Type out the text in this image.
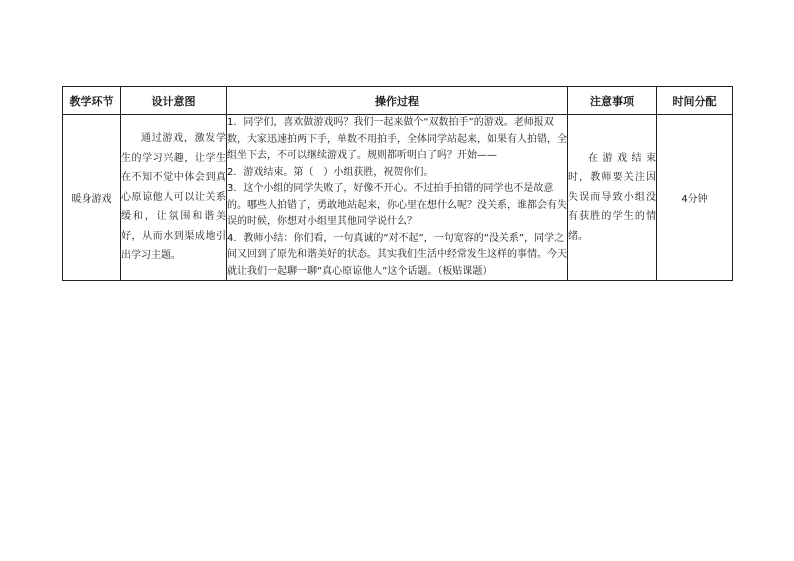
教学环节	设计意图	操作过程	注意事项	时间分配
暖身游戏	通过游戏，激发学生的学习兴趣，让学生在不知不觉中体会到真心原谅他人可以让关系缓和，让氛围和谐美好，从而水到渠成地引出学习主题。	1．同学们，喜欢做游戏吗？我们一起来做个“双数拍手”的游戏。老师报双数，大家迅速拍两下手，单数不用拍手，全体同学站起来，如果有人拍错，全组坐下去，不可以继续游戏了。规则都听明白了吗？开始——

2．游戏结束。第（　）小组获胜，祝贺你们。

3．这个小组的同学失败了，好像不开心。不过拍手拍错的同学也不是故意的。哪些人拍错了，勇敢地站起来，你心里在想什么呢？没关系，谁都会有失误的时候，你想对小组里其他同学说什么？

4．教师小结：你们看，一句真诚的“对不起”，一句宽容的“没关系”，同学之间又回到了原先和谐美好的状态。其实我们生活中经常发生这样的事情。今天就让我们一起聊一聊“真心原谅他人”这个话题。（板贴课题）	在游戏结束时，教师要关注因失误而导致小组没有获胜的学生的情绪。	4分钟
